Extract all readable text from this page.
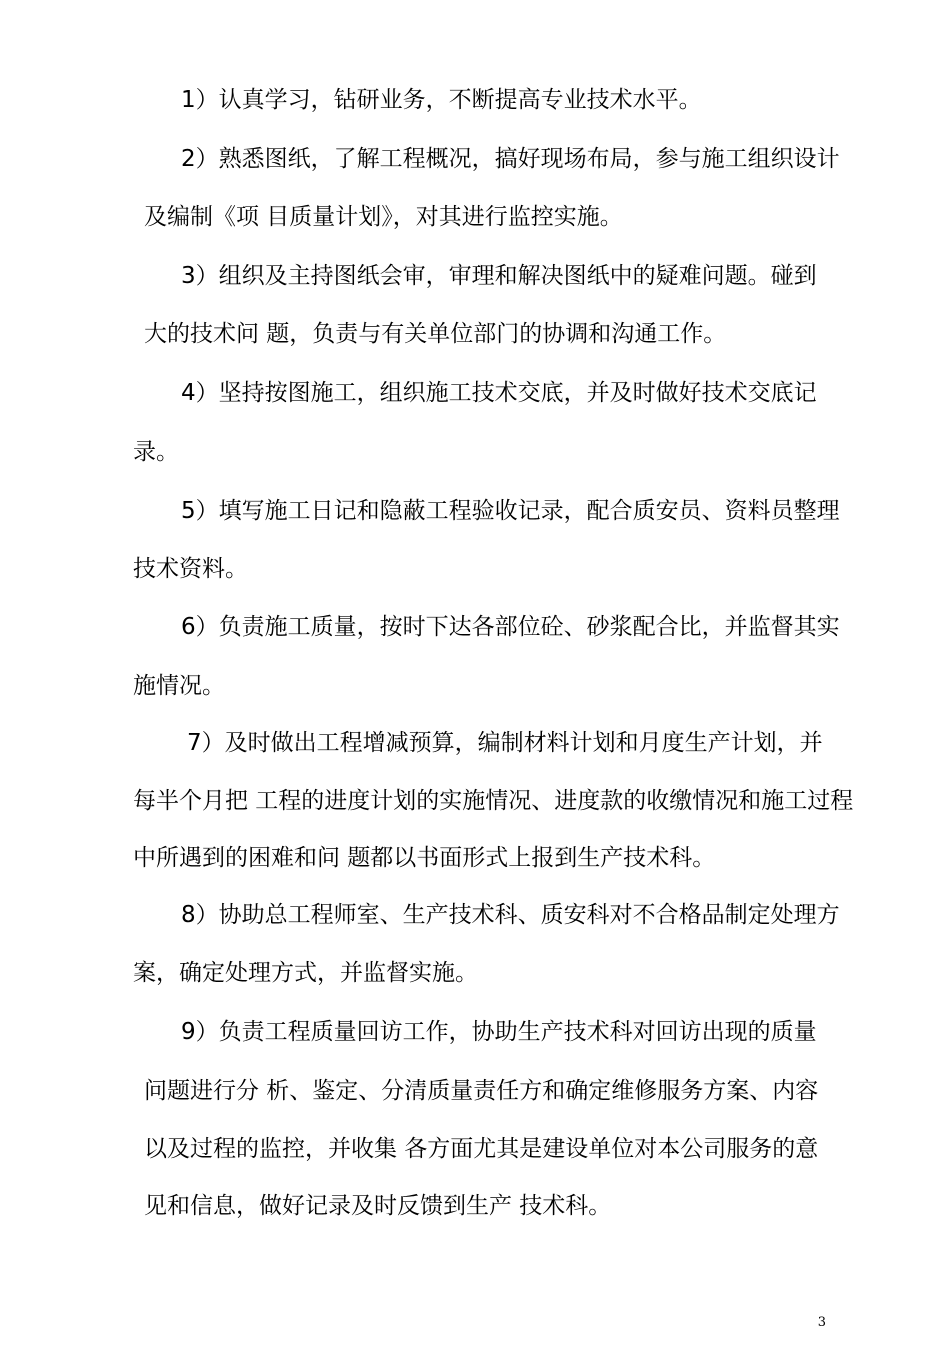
1）认真学习，钻研业务，不断提高专业技术水平。
2）熟悉图纸，了解工程概况，搞好现场布局，参与施工组织设计
及编制《项 目质量计划》，对其进行监控实施。
3）组织及主持图纸会审，审理和解决图纸中的疑难问题。碰到
大的技术问 题，负责与有关单位部门的协调和沟通工作。
4）坚持按图施工，组织施工技术交底，并及时做好技术交底记
录。
5）填写施工日记和隐蔽工程验收记录，配合质安员、资料员整理
技术资料。
6）负责施工质量，按时下达各部位砼、砂浆配合比，并监督其实
施情况。
7）及时做出工程增减预算，编制材料计划和月度生产计划，并
每半个月把 工程的进度计划的实施情况、进度款的收缴情况和施工过程
中所遇到的困难和问 题都以书面形式上报到生产技术科。
8）协助总工程师室、生产技术科、质安科对不合格品制定处理方
案，确定处理方式，并监督实施。
9）负责工程质量回访工作，协助生产技术科对回访出现的质量
问题进行分 析、鉴定、分清质量责任方和确定维修服务方案、内容
以及过程的监控，并收集 各方面尤其是建设单位对本公司服务的意
见和信息，做好记录及时反馈到生产 技术科。
3
